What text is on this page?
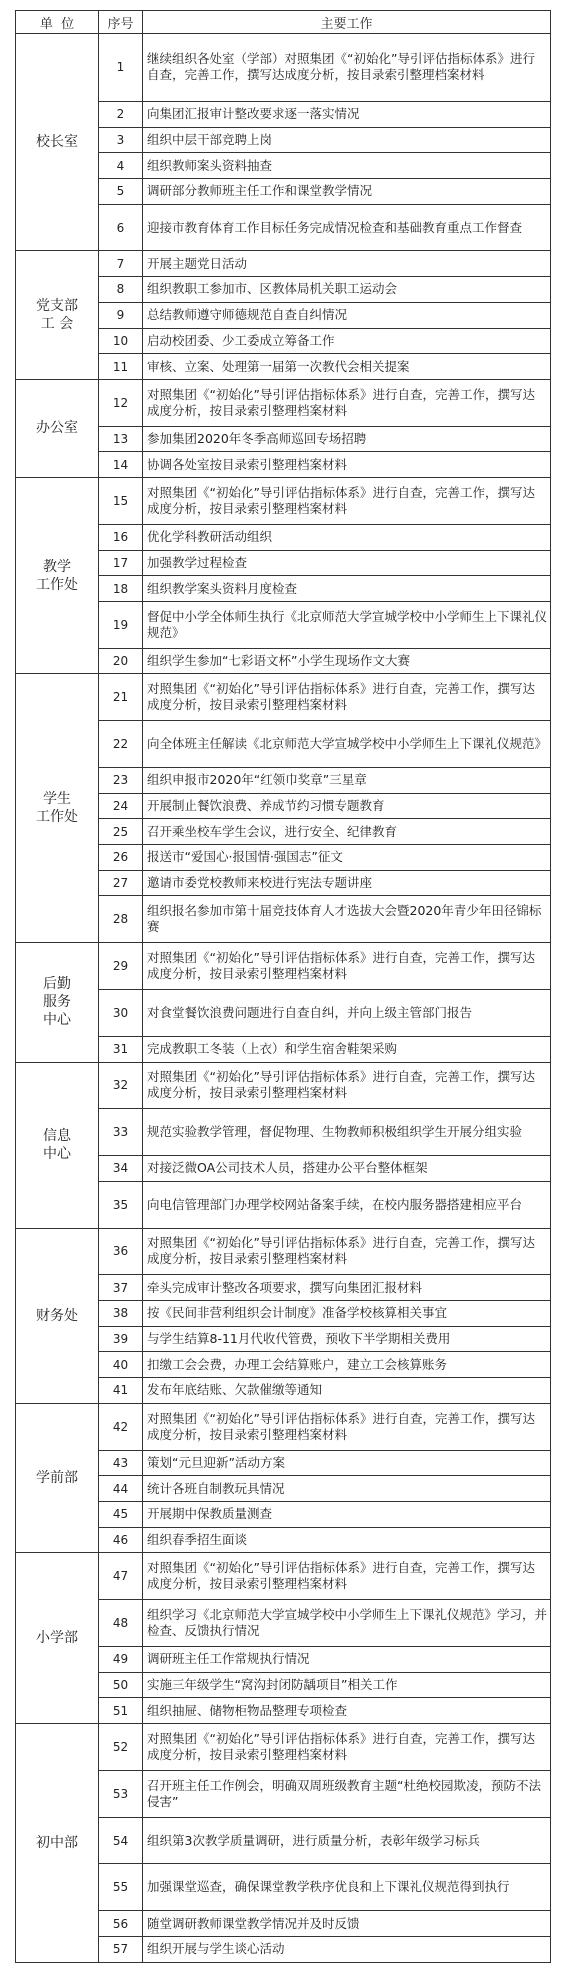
单  位	序号	主要工作
校长室	1	继续组织各处室（学部）对照集团《“初始化”导引评估指标体系》进行自查，完善工作，撰写达成度分析，按目录索引整理档案材料
	2	向集团汇报审计整改要求逐一落实情况
	3	组织中层干部竞聘上岗
	4	组织教师案头资料抽查
	5	调研部分教师班主任工作和课堂教学情况
	6	迎接市教育体育工作目标任务完成情况检查和基础教育重点工作督查
党支部
工 会	7	开展主题党日活动
	8	组织教职工参加市、区教体局机关职工运动会
	9	总结教师遵守师德规范自查自纠情况
	10	启动校团委、少工委成立筹备工作
	11	审核、立案、处理第一届第一次教代会相关提案
办公室	12	对照集团《“初始化”导引评估指标体系》进行自查，完善工作，撰写达成度分析，按目录索引整理档案材料
	13	参加集团2020年冬季高师巡回专场招聘
	14	协调各处室按目录索引整理档案材料
教学
工作处	15	对照集团《“初始化”导引评估指标体系》进行自查，完善工作，撰写达成度分析，按目录索引整理档案材料
	16	优化学科教研活动组织
	17	加强教学过程检查
	18	组织教学案头资料月度检查
	19	督促中小学全体师生执行《北京师范大学宣城学校中小学师生上下课礼仪规范》
	20	组织学生参加“七彩语文杯”小学生现场作文大赛
学生
工作处	21	对照集团《“初始化”导引评估指标体系》进行自查，完善工作，撰写达成度分析，按目录索引整理档案材料
	22	向全体班主任解读《北京师范大学宣城学校中小学师生上下课礼仪规范》
	23	组织申报市2020年“红领巾奖章”三星章
	24	开展制止餐饮浪费、养成节约习惯专题教育
	25	召开乘坐校车学生会议，进行安全、纪律教育
	26	报送市“爱国心·报国情·强国志”征文
	27	邀请市委党校教师来校进行宪法专题讲座
	28	组织报名参加市第十届竞技体育人才选拔大会暨2020年青少年田径锦标赛
后勤
服务
中心	29	对照集团《“初始化”导引评估指标体系》进行自查，完善工作，撰写达成度分析，按目录索引整理档案材料
	30	对食堂餐饮浪费问题进行自查自纠，并向上级主管部门报告
	31	完成教职工冬装（上衣）和学生宿舍鞋架采购
信息
中心	32	对照集团《“初始化”导引评估指标体系》进行自查，完善工作，撰写达成度分析，按目录索引整理档案材料
	33	规范实验教学管理，督促物理、生物教师积极组织学生开展分组实验
	34	对接泛微OA公司技术人员，搭建办公平台整体框架
	35	向电信管理部门办理学校网站备案手续，在校内服务器搭建相应平台
财务处	36	对照集团《“初始化”导引评估指标体系》进行自查，完善工作，撰写达成度分析，按目录索引整理档案材料
	37	牵头完成审计整改各项要求，撰写向集团汇报材料
	38	按《民间非营利组织会计制度》准备学校核算相关事宜
	39	与学生结算8-11月代收代管费，预收下半学期相关费用
	40	扣缴工会会费，办理工会结算账户，建立工会核算账务
	41	发布年底结账、欠款催缴等通知
学前部	42	对照集团《“初始化”导引评估指标体系》进行自查，完善工作，撰写达成度分析，按目录索引整理档案材料
	43	策划“元旦迎新”活动方案
	44	统计各班自制教玩具情况
	45	开展期中保教质量测查
	46	组织春季招生面谈
小学部	47	对照集团《“初始化”导引评估指标体系》进行自查，完善工作，撰写达成度分析，按目录索引整理档案材料
	48	组织学习《北京师范大学宣城学校中小学师生上下课礼仪规范》学习，并检查、反馈执行情况
	49	调研班主任工作常规执行情况
	50	实施三年级学生“窝沟封闭防龋项目”相关工作
	51	组织抽屉、储物柜物品整理专项检查
初中部	52	对照集团《“初始化”导引评估指标体系》进行自查，完善工作，撰写达成度分析，按目录索引整理档案材料
	53	召开班主任工作例会，明确双周班级教育主题“杜绝校园欺凌，预防不法侵害”
	54	组织第3次教学质量调研，进行质量分析，表彰年级学习标兵
	55	加强课堂巡查，确保课堂教学秩序优良和上下课礼仪规范得到执行
	56	随堂调研教师课堂教学情况并及时反馈
	57	组织开展与学生谈心活动
